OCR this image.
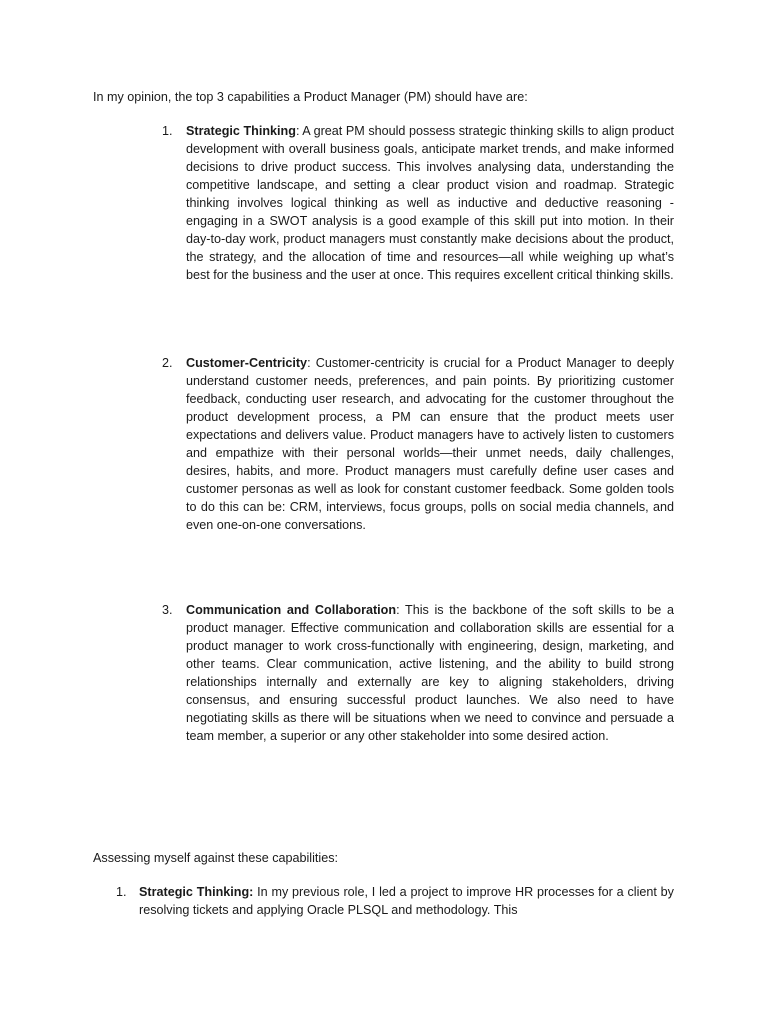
In my opinion, the top 3 capabilities a Product Manager (PM) should have are:

1. Strategic Thinking: A great PM should possess strategic thinking skills to align product development with overall business goals, anticipate market trends, and make informed decisions to drive product success. This involves analysing data, understanding the competitive landscape, and setting a clear product vision and roadmap. Strategic thinking involves logical thinking as well as inductive and deductive reasoning - engaging in a SWOT analysis is a good example of this skill put into motion. In their day-to-day work, product managers must constantly make decisions about the product, the strategy, and the allocation of time and resources—all while weighing up what’s best for the business and the user at once. This requires excellent critical thinking skills.
2. Customer-Centricity: Customer-centricity is crucial for a Product Manager to deeply understand customer needs, preferences, and pain points. By prioritizing customer feedback, conducting user research, and advocating for the customer throughout the product development process, a PM can ensure that the product meets user expectations and delivers value. Product managers have to actively listen to customers and empathize with their personal worlds—their unmet needs, daily challenges, desires, habits, and more. Product managers must carefully define user cases and customer personas as well as look for constant customer feedback. Some golden tools to do this can be: CRM, interviews, focus groups, polls on social media channels, and even one-on-one conversations.
3. Communication and Collaboration: This is the backbone of the soft skills to be a product manager. Effective communication and collaboration skills are essential for a product manager to work cross-functionally with engineering, design, marketing, and other teams. Clear communication, active listening, and the ability to build strong relationships internally and externally are key to aligning stakeholders, driving consensus, and ensuring successful product launches. We also need to have negotiating skills as there will be situations when we need to convince and persuade a team member, a superior or any other stakeholder into some desired action.

Assessing myself against these capabilities:

1. Strategic Thinking: In my previous role, I led a project to improve HR processes for a client by resolving tickets and applying Oracle PLSQL and methodology. This
